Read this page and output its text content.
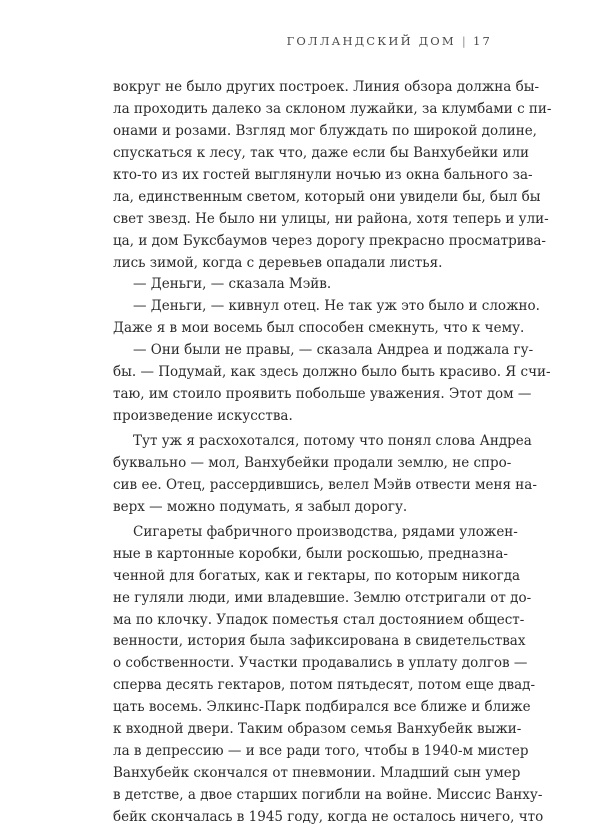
ГОЛЛАНДСКИЙ ДОМ | 17
вокруг не было других построек. Линия обзора должна бы-
ла проходить далеко за склоном лужайки, за клумбами с пи-
онами и розами. Взгляд мог блуждать по широкой долине,
спускаться к лесу, так что, даже если бы Ванхубейки или
кто-то из их гостей выглянули ночью из окна бального за-
ла, единственным светом, который они увидели бы, был бы
свет звезд. Не было ни улицы, ни района, хотя теперь и ули-
ца, и дом Буксбаумов через дорогу прекрасно просматрива-
лись зимой, когда с деревьев опадали листья.
— Деньги, — сказала Мэйв.
— Деньги, — кивнул отец. Не так уж это было и сложно.
Даже я в мои восемь был способен смекнуть, что к чему.
— Они были не правы, — сказала Андреа и поджала гу-
бы. — Подумай, как здесь должно было быть красиво. Я счи-
таю, им стоило проявить побольше уважения. Этот дом —
произведение искусства.
Тут уж я расхохотался, потому что понял слова Андреа
буквально — мол, Ванхубейки продали землю, не спро-
сив ее. Отец, рассердившись, велел Мэйв отвести меня на-
верх — можно подумать, я забыл дорогу.
Сигареты фабричного производства, рядами уложен-
ные в картонные коробки, были роскошью, предназна-
ченной для богатых, как и гектары, по которым никогда
не гуляли люди, ими владевшие. Землю отстригали от до-
ма по клочку. Упадок поместья стал достоянием общест-
венности, история была зафиксирована в свидетельствах
о собственности. Участки продавались в уплату долгов —
сперва десять гектаров, потом пятьдесят, потом еще двад-
цать восемь. Элкинс-Парк подбирался все ближе и ближе
к входной двери. Таким образом семья Ванхубейк выжи-
ла в депрессию — и все ради того, чтобы в 1940-м мистер
Ванхубейк скончался от пневмонии. Младший сын умер
в детстве, а двое старших погибли на войне. Миссис Ванху-
бейк скончалась в 1945 году, когда не осталось ничего, что
